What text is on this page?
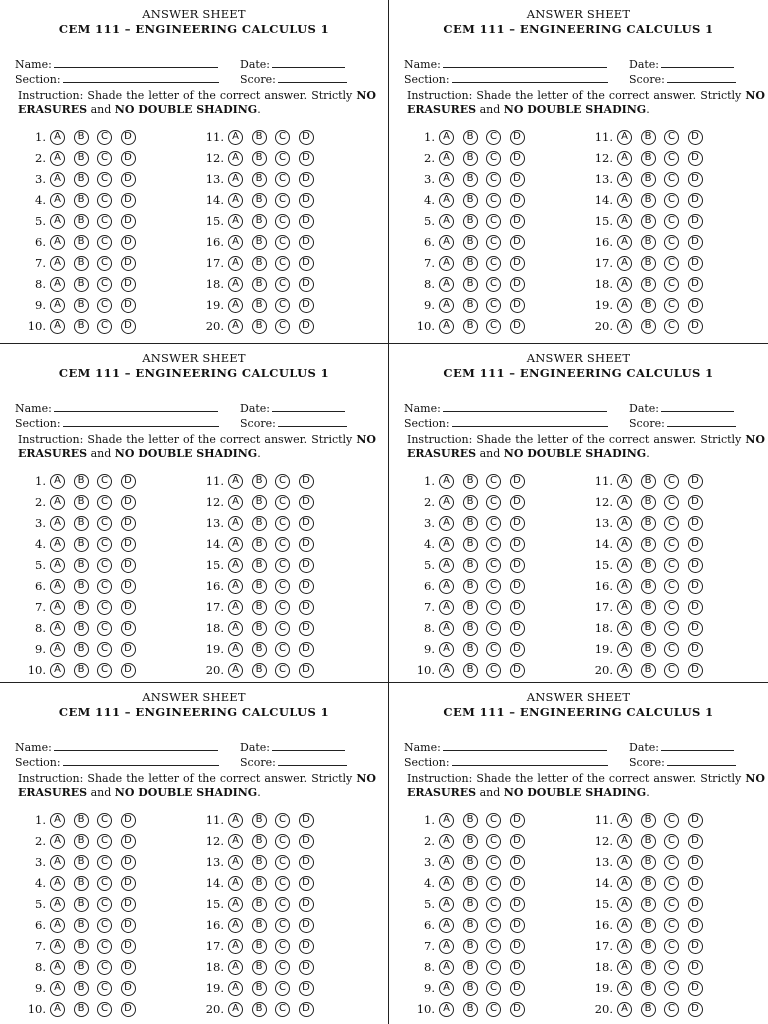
ANSWER SHEET
CEM 111 – ENGINEERING CALCULUS 1
Name:
Section:
Date:
Score:
Instruction: Shade the letter of the correct answer. Strictly NO ERASURES and NO DOUBLE SHADING.
1. A	B	C	D
2. A	B	C	D
3. A	B	C	D
4. A	B	C	D
5. A	B	C	D
6. A	B	C	D
7. A	B	C	D
8. A	B	C	D
9. A	B	C	D
10. A	B	C	D
11. A	B	C	D
12. A	B	C	D
13. A	B	C	D
14. A	B	C	D
15. A	B	C	D
16. A	B	C	D
17. A	B	C	D
18. A	B	C	D
19. A	B	C	D
20. A	B	C	D
ANSWER SHEET
CEM 111 – ENGINEERING CALCULUS 1
Name:
Section:
Date:
Score:
Instruction: Shade the letter of the correct answer. Strictly NO ERASURES and NO DOUBLE SHADING.
1. A	B	C	D
2. A	B	C	D
3. A	B	C	D
4. A	B	C	D
5. A	B	C	D
6. A	B	C	D
7. A	B	C	D
8. A	B	C	D
9. A	B	C	D
10. A	B	C	D
11. A	B	C	D
12. A	B	C	D
13. A	B	C	D
14. A	B	C	D
15. A	B	C	D
16. A	B	C	D
17. A	B	C	D
18. A	B	C	D
19. A	B	C	D
20. A	B	C	D
ANSWER SHEET
CEM 111 – ENGINEERING CALCULUS 1
Name:
Section:
Date:
Score:
Instruction: Shade the letter of the correct answer. Strictly NO ERASURES and NO DOUBLE SHADING.
1. A	B	C	D
2. A	B	C	D
3. A	B	C	D
4. A	B	C	D
5. A	B	C	D
6. A	B	C	D
7. A	B	C	D
8. A	B	C	D
9. A	B	C	D
10. A	B	C	D
11. A	B	C	D
12. A	B	C	D
13. A	B	C	D
14. A	B	C	D
15. A	B	C	D
16. A	B	C	D
17. A	B	C	D
18. A	B	C	D
19. A	B	C	D
20. A	B	C	D
ANSWER SHEET
CEM 111 – ENGINEERING CALCULUS 1
Name:
Section:
Date:
Score:
Instruction: Shade the letter of the correct answer. Strictly NO ERASURES and NO DOUBLE SHADING.
1. A	B	C	D
2. A	B	C	D
3. A	B	C	D
4. A	B	C	D
5. A	B	C	D
6. A	B	C	D
7. A	B	C	D
8. A	B	C	D
9. A	B	C	D
10. A	B	C	D
11. A	B	C	D
12. A	B	C	D
13. A	B	C	D
14. A	B	C	D
15. A	B	C	D
16. A	B	C	D
17. A	B	C	D
18. A	B	C	D
19. A	B	C	D
20. A	B	C	D
ANSWER SHEET
CEM 111 – ENGINEERING CALCULUS 1
Name:
Section:
Date:
Score:
Instruction: Shade the letter of the correct answer. Strictly NO ERASURES and NO DOUBLE SHADING.
1. A	B	C	D
2. A	B	C	D
3. A	B	C	D
4. A	B	C	D
5. A	B	C	D
6. A	B	C	D
7. A	B	C	D
8. A	B	C	D
9. A	B	C	D
10. A	B	C	D
11. A	B	C	D
12. A	B	C	D
13. A	B	C	D
14. A	B	C	D
15. A	B	C	D
16. A	B	C	D
17. A	B	C	D
18. A	B	C	D
19. A	B	C	D
20. A	B	C	D
ANSWER SHEET
CEM 111 – ENGINEERING CALCULUS 1
Name:
Section:
Date:
Score:
Instruction: Shade the letter of the correct answer. Strictly NO ERASURES and NO DOUBLE SHADING.
1. A	B	C	D
2. A	B	C	D
3. A	B	C	D
4. A	B	C	D
5. A	B	C	D
6. A	B	C	D
7. A	B	C	D
8. A	B	C	D
9. A	B	C	D
10. A	B	C	D
11. A	B	C	D
12. A	B	C	D
13. A	B	C	D
14. A	B	C	D
15. A	B	C	D
16. A	B	C	D
17. A	B	C	D
18. A	B	C	D
19. A	B	C	D
20. A	B	C	D
